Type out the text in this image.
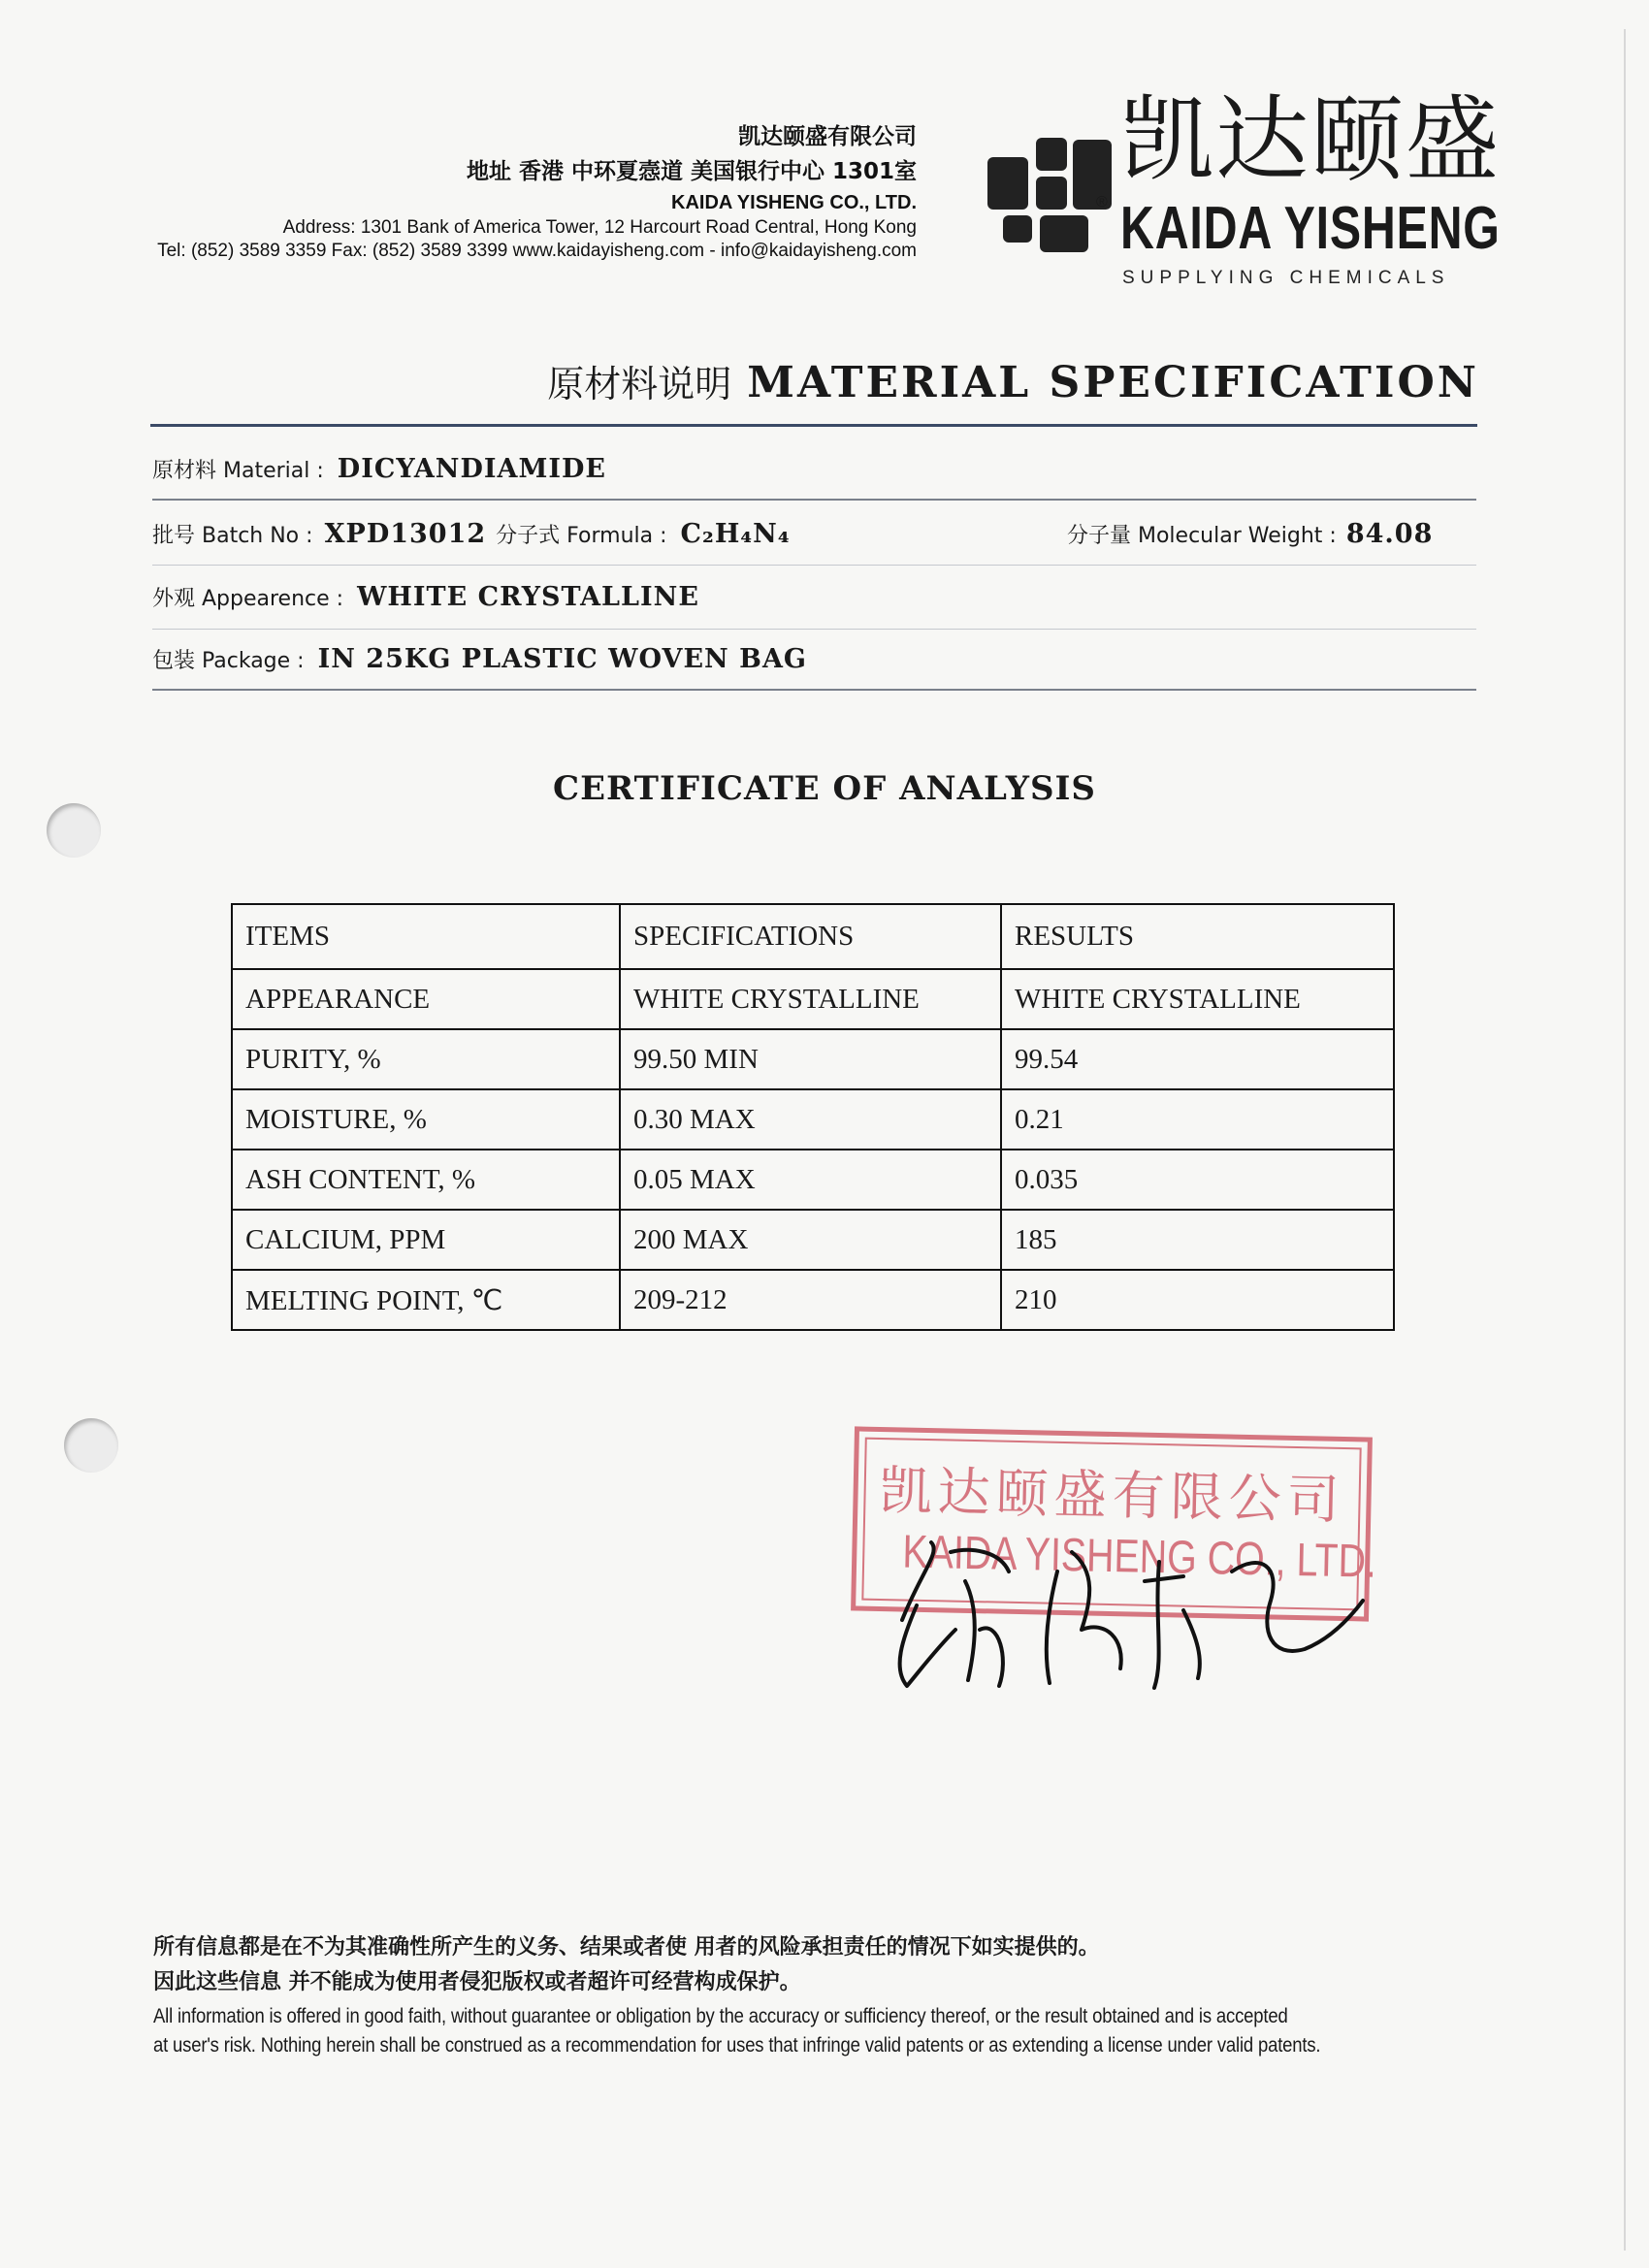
凯达颐盛有限公司
地址 香港 中环夏悫道 美国银行中心 1301室
KAIDA YISHENG CO., LTD.
Address: 1301 Bank of America Tower, 12 Harcourt Road Central, Hong Kong
Tel: (852) 3589 3359 Fax: (852) 3589 3399 www.kaidayisheng.com - info@kaidayisheng.com
®
凯达颐盛
KAIDA YISHENG
SUPPLYING CHEMICALS
原材料说明 MATERIAL SPECIFICATION
原材料 Material : DICYANDIAMIDE
批号 Batch No : XPD13012 分子式 Formula : C₂H₄N₄	分子量 Molecular Weight : 84.08
外观 Appearence : WHITE CRYSTALLINE
包装 Package : IN 25KG PLASTIC WOVEN BAG
CERTIFICATE OF ANALYSIS
ITEMS	SPECIFICATIONS	RESULTS
APPEARANCE	WHITE CRYSTALLINE	WHITE CRYSTALLINE
PURITY, %	99.50 MIN	99.54
MOISTURE, %	0.30 MAX	0.21
ASH CONTENT, %	0.05 MAX	0.035
CALCIUM, PPM	200 MAX	185
MELTING POINT, ℃	209-212	210
凯达颐盛有限公司
KAIDA YISHENG CO., LTD.
所有信息都是在不为其准确性所产生的义务、结果或者使 用者的风险承担责任的情况下如实提供的。
因此这些信息 并不能成为使用者侵犯版权或者超许可经营构成保护。
All information is offered in good faith, without guarantee or obligation by the accuracy or sufficiency thereof, or the result obtained and is accepted
at user's risk. Nothing herein shall be construed as a recommendation for uses that infringe valid patents or as extending a license under valid patents.
